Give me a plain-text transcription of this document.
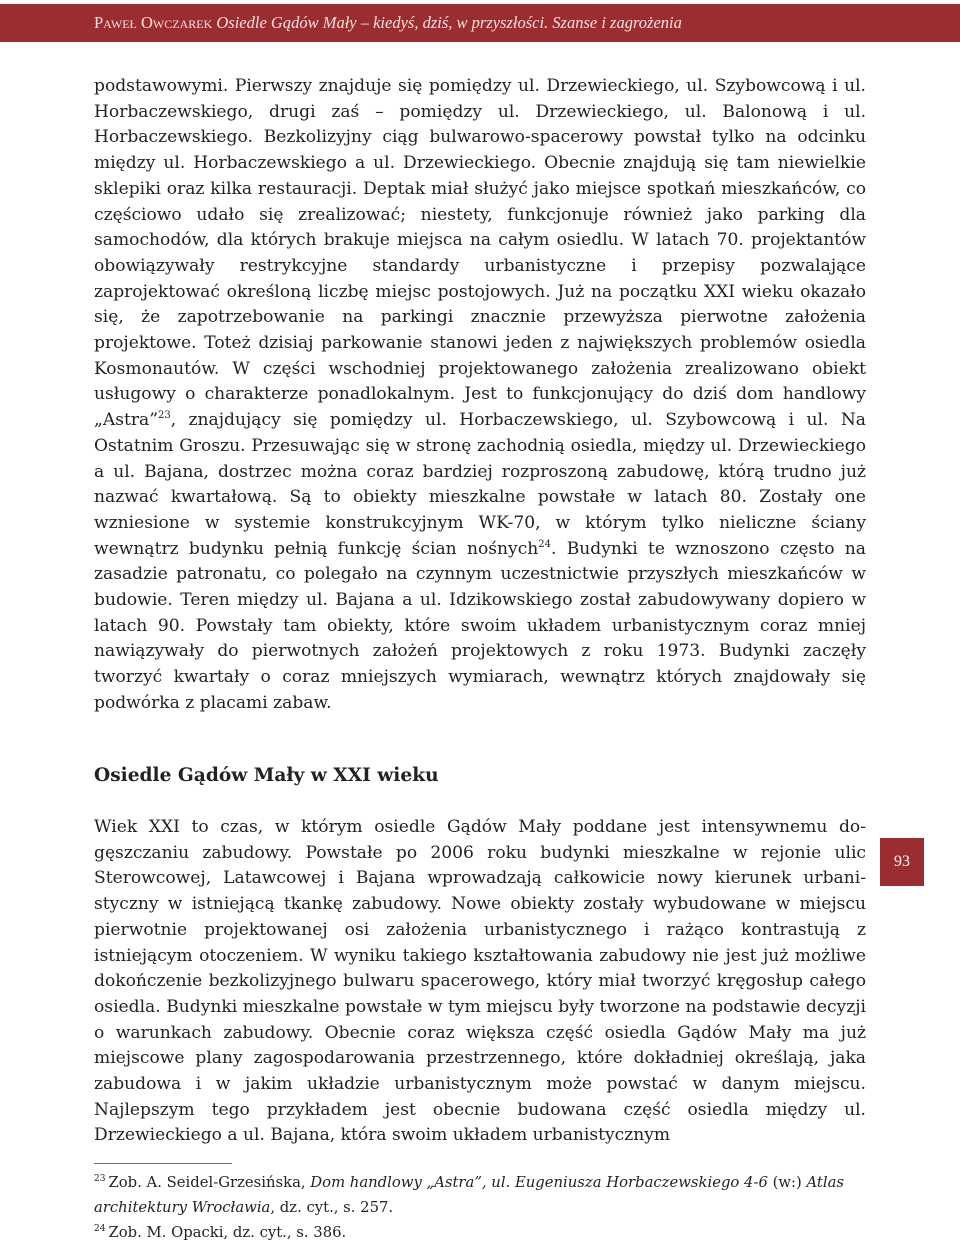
Paweł Owczarek Osiedle Gądów Mały – kiedyś, dziś, w przyszłości. Szanse i zagrożenia

podstawowymi. Pierwszy znajduje się pomiędzy ul. Drzewieckiego, ul. Szybowcową i ul. Horbaczewskiego, drugi zaś – pomiędzy ul. Drzewieckiego, ul. Balonową i ul. Horbaczewskiego. Bezkolizyjny ciąg bulwarowo-spacerowy powstał tylko na odcinku między ul. Horbaczewskiego a ul. Drzewieckiego. Obecnie znajdują się tam niewielkie sklepiki oraz kilka restauracji. Deptak miał służyć jako miejsce spotkań mieszkańców, co częściowo udało się zrealizować; niestety, funkcjonuje również jako parking dla samochodów, dla których brakuje miejsca na całym osiedlu. W latach 70. projektantów obowiązywały restrykcyjne standardy urbanistyczne i przepisy pozwalające zaprojektować określoną liczbę miejsc postojowych. Już na początku XXI wieku okazało się, że zapotrzebowanie na parkingi znacznie przewyższa pierwotne założenia projektowe. Toteż dzisiaj parkowanie stanowi jeden z największych problemów osiedla Kosmonautów. W części wschodniej projektowanego założenia zrealizowano obiekt usługowy o charakterze ponadlokalnym. Jest to funkcjonujący do dziś dom handlowy „Astra”$^{23}$, znajdujący się pomiędzy ul. Horbaczewskiego, ul. Szybowcową i ul. Na Ostatnim Groszu. Przesuwając się w stronę zachodnią osiedla, między ul. Drzewieckiego a ul. Bajana, dostrzec można coraz bardziej rozproszoną zabudowę, którą trudno już nazwać kwartałową. Są to obiekty mieszkalne powstałe w latach 80. Zostały one wzniesione w systemie konstrukcyjnym WK-70, w którym tylko nieliczne ściany wewnątrz budynku pełnią funkcję ścian nośnych$^{24}$. Budynki te wznoszono często na zasadzie patronatu, co polegało na czynnym uczestnictwie przyszłych mieszkańców w budowie. Teren między ul. Bajana a ul. Idzikowskiego został zabudowywany dopiero w latach 90. Powstały tam obiekty, które swoim układem urbanistycznym coraz mniej nawiązywały do pierwotnych założeń projektowych z roku 1973. Budynki zaczęły tworzyć kwartały o coraz mniejszych wymiarach, wewnątrz których znajdowały się podwórka z placami zabaw.

Osiedle Gądów Mały w XXI wieku

Wiek XXI to czas, w którym osiedle Gądów Mały poddane jest intensywnemu dogęszczaniu zabudowy. Powstałe po 2006 roku budynki mieszkalne w rejonie ulic Sterowcowej, Latawcowej i Bajana wprowadzają całkowicie nowy kierunek urbanistyczny w istniejącą tkankę zabudowy. Nowe obiekty zostały wybudowane w miejscu pierwotnie projektowanej osi założenia urbanistycznego i rażąco kontrastują z istniejącym otoczeniem. W wyniku takiego kształtowania zabudowy nie jest już możliwe dokończenie bezkolizyjnego bulwaru spacerowego, który miał tworzyć kręgosłup całego osiedla. Budynki mieszkalne powstałe w tym miejscu były tworzone na podstawie decyzji o warunkach zabudowy. Obecnie coraz większa część osiedla Gądów Mały ma już miejscowe plany zagospodarowania przestrzennego, które dokładniej określają, jaka zabudowa i w jakim układzie urbanistycznym może powstać w danym miejscu. Najlepszym tego przykładem jest obecnie budowana część osiedla między ul. Drzewieckiego a ul. Bajana, która swoim układem urbanistycznym

93

$^{23}$ Zob. A. Seidel-Grzesińska, Dom handlowy „Astra”, ul. Eugeniusza Horbaczewskiego 4-6 (w:) Atlas architektury Wrocławia, dz. cyt., s. 257.

$^{24}$ Zob. M. Opacki, dz. cyt., s. 386.
